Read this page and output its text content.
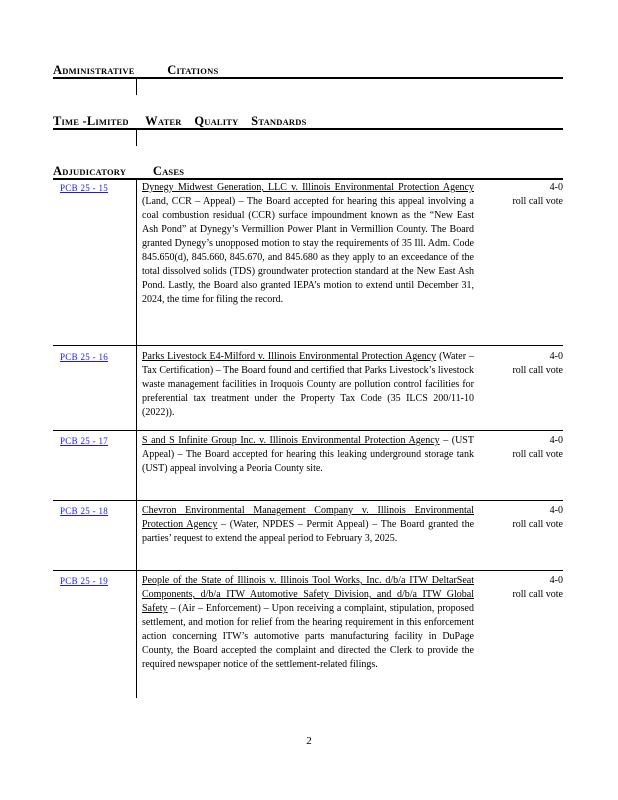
ADMINISTRATIVE	CITATIONS
TIME -LIMITED WATER QUALITY STANDARDS
ADJUDICATORY CASES
PCB 25 - 15	Dynegy Midwest Generation, LLC v. Illinois Environmental Protection Agency (Land, CCR – Appeal) – The Board accepted for hearing this appeal involving a coal combustion residual (CCR) surface impoundment known as the “New East Ash Pond” at Dynegy’s Vermillion Power Plant in Vermillion County. The Board granted Dynegy’s unopposed motion to stay the requirements of 35 Ill. Adm. Code 845.650(d), 845.660, 845.670, and 845.680 as they apply to an exceedance of the total dissolved solids (TDS) groundwater protection standard at the New East Ash Pond. Lastly, the Board also granted IEPA’s motion to extend until December 31, 2024, the time for filing the record.
4-0
roll call vote
PCB 25 - 16	Parks Livestock E4-Milford v. Illinois Environmental Protection Agency (Water – Tax Certification) – The Board found and certified that Parks Livestock’s livestock waste management facilities in Iroquois County are pollution control facilities for preferential tax treatment under the Property Tax Code (35 ILCS 200/11-10 (2022)).
4-0
roll call vote
PCB 25 - 17	S and S Infinite Group Inc. v. Illinois Environmental Protection Agency – (UST Appeal) – The Board accepted for hearing this leaking underground storage tank (UST) appeal involving a Peoria County site.
4-0
roll call vote
PCB 25 - 18	Chevron Environmental Management Company v. Illinois Environmental Protection Agency – (Water, NPDES – Permit Appeal) – The Board granted the parties’ request to extend the appeal period to February 3, 2025.
4-0
roll call vote
PCB 25 - 19	People of the State of Illinois v. Illinois Tool Works, Inc. d/b/a ITW DeltarSeat Components, d/b/a ITW Automotive Safety Division, and d/b/a ITW Global Safety – (Air – Enforcement) – Upon receiving a complaint, stipulation, proposed settlement, and motion for relief from the hearing requirement in this enforcement action concerning ITW’s automotive parts manufacturing facility in DuPage County, the Board accepted the complaint and directed the Clerk to provide the required newspaper notice of the settlement-related filings.
4-0
roll call vote
2
